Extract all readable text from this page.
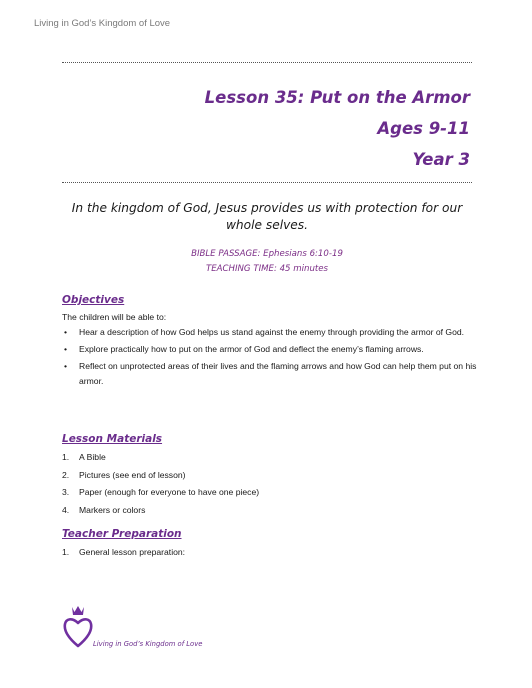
Living in God’s Kingdom of Love
Lesson 35: Put on the Armor
Ages 9-11
Year 3
In the kingdom of God, Jesus provides us with protection for our whole selves.
BIBLE PASSAGE: Ephesians 6:10-19
TEACHING TIME: 45 minutes
Objectives
The children will be able to:
• Hear a description of how God helps us stand against the enemy through providing the armor of God.
• Explore practically how to put on the armor of God and deflect the enemy’s flaming arrows.
• Reflect on unprotected areas of their lives and the flaming arrows and how God can help them put on his armor.
Lesson Materials
1. A Bible
2. Pictures (see end of lesson)
3. Paper (enough for everyone to have one piece)
4. Markers or colors
Teacher Preparation
1. General lesson preparation:
Living in God’s Kingdom of Love
